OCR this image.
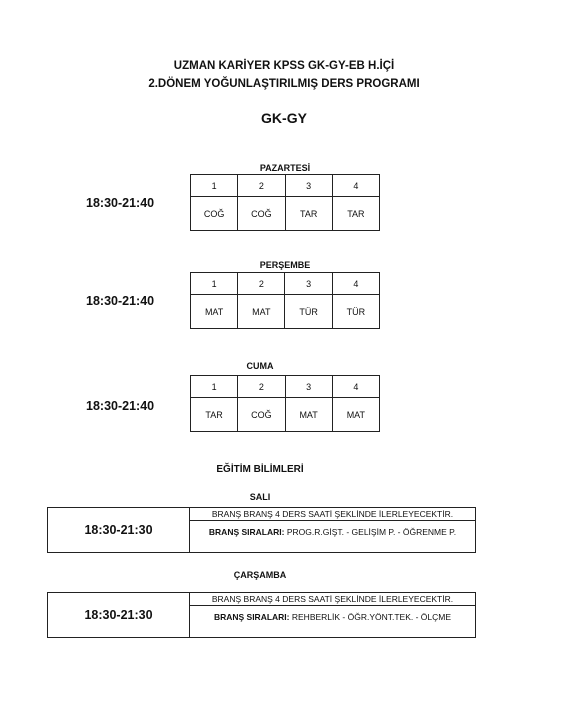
UZMAN KARİYER KPSS GK-GY-EB H.İÇİ
2.DÖNEM YOĞUNLAŞTIRILMIŞ DERS PROGRAMI
GK-GY
PAZARTESİ
18:30-21:40
1	2	3	4
COĞ	COĞ	TAR	TAR
PERŞEMBE
18:30-21:40
1	2	3	4
MAT	MAT	TÜR	TÜR
CUMA
18:30-21:40
1	2	3	4
TAR	COĞ	MAT	MAT
EĞİTİM BİLİMLERİ
SALI
18:30-21:30
BRANŞ BRANŞ 4 DERS SAATİ ŞEKLİNDE İLERLEYECEKTİR.
BRANŞ SIRALARI: PROG.R.GİŞT. - GELİŞİM P. - ÖĞRENME P.
ÇARŞAMBA
18:30-21:30
BRANŞ BRANŞ 4 DERS SAATİ ŞEKLİNDE İLERLEYECEKTİR.
BRANŞ SIRALARI: REHBERLİK - ÖĞR.YÖNT.TEK. - ÖLÇME
